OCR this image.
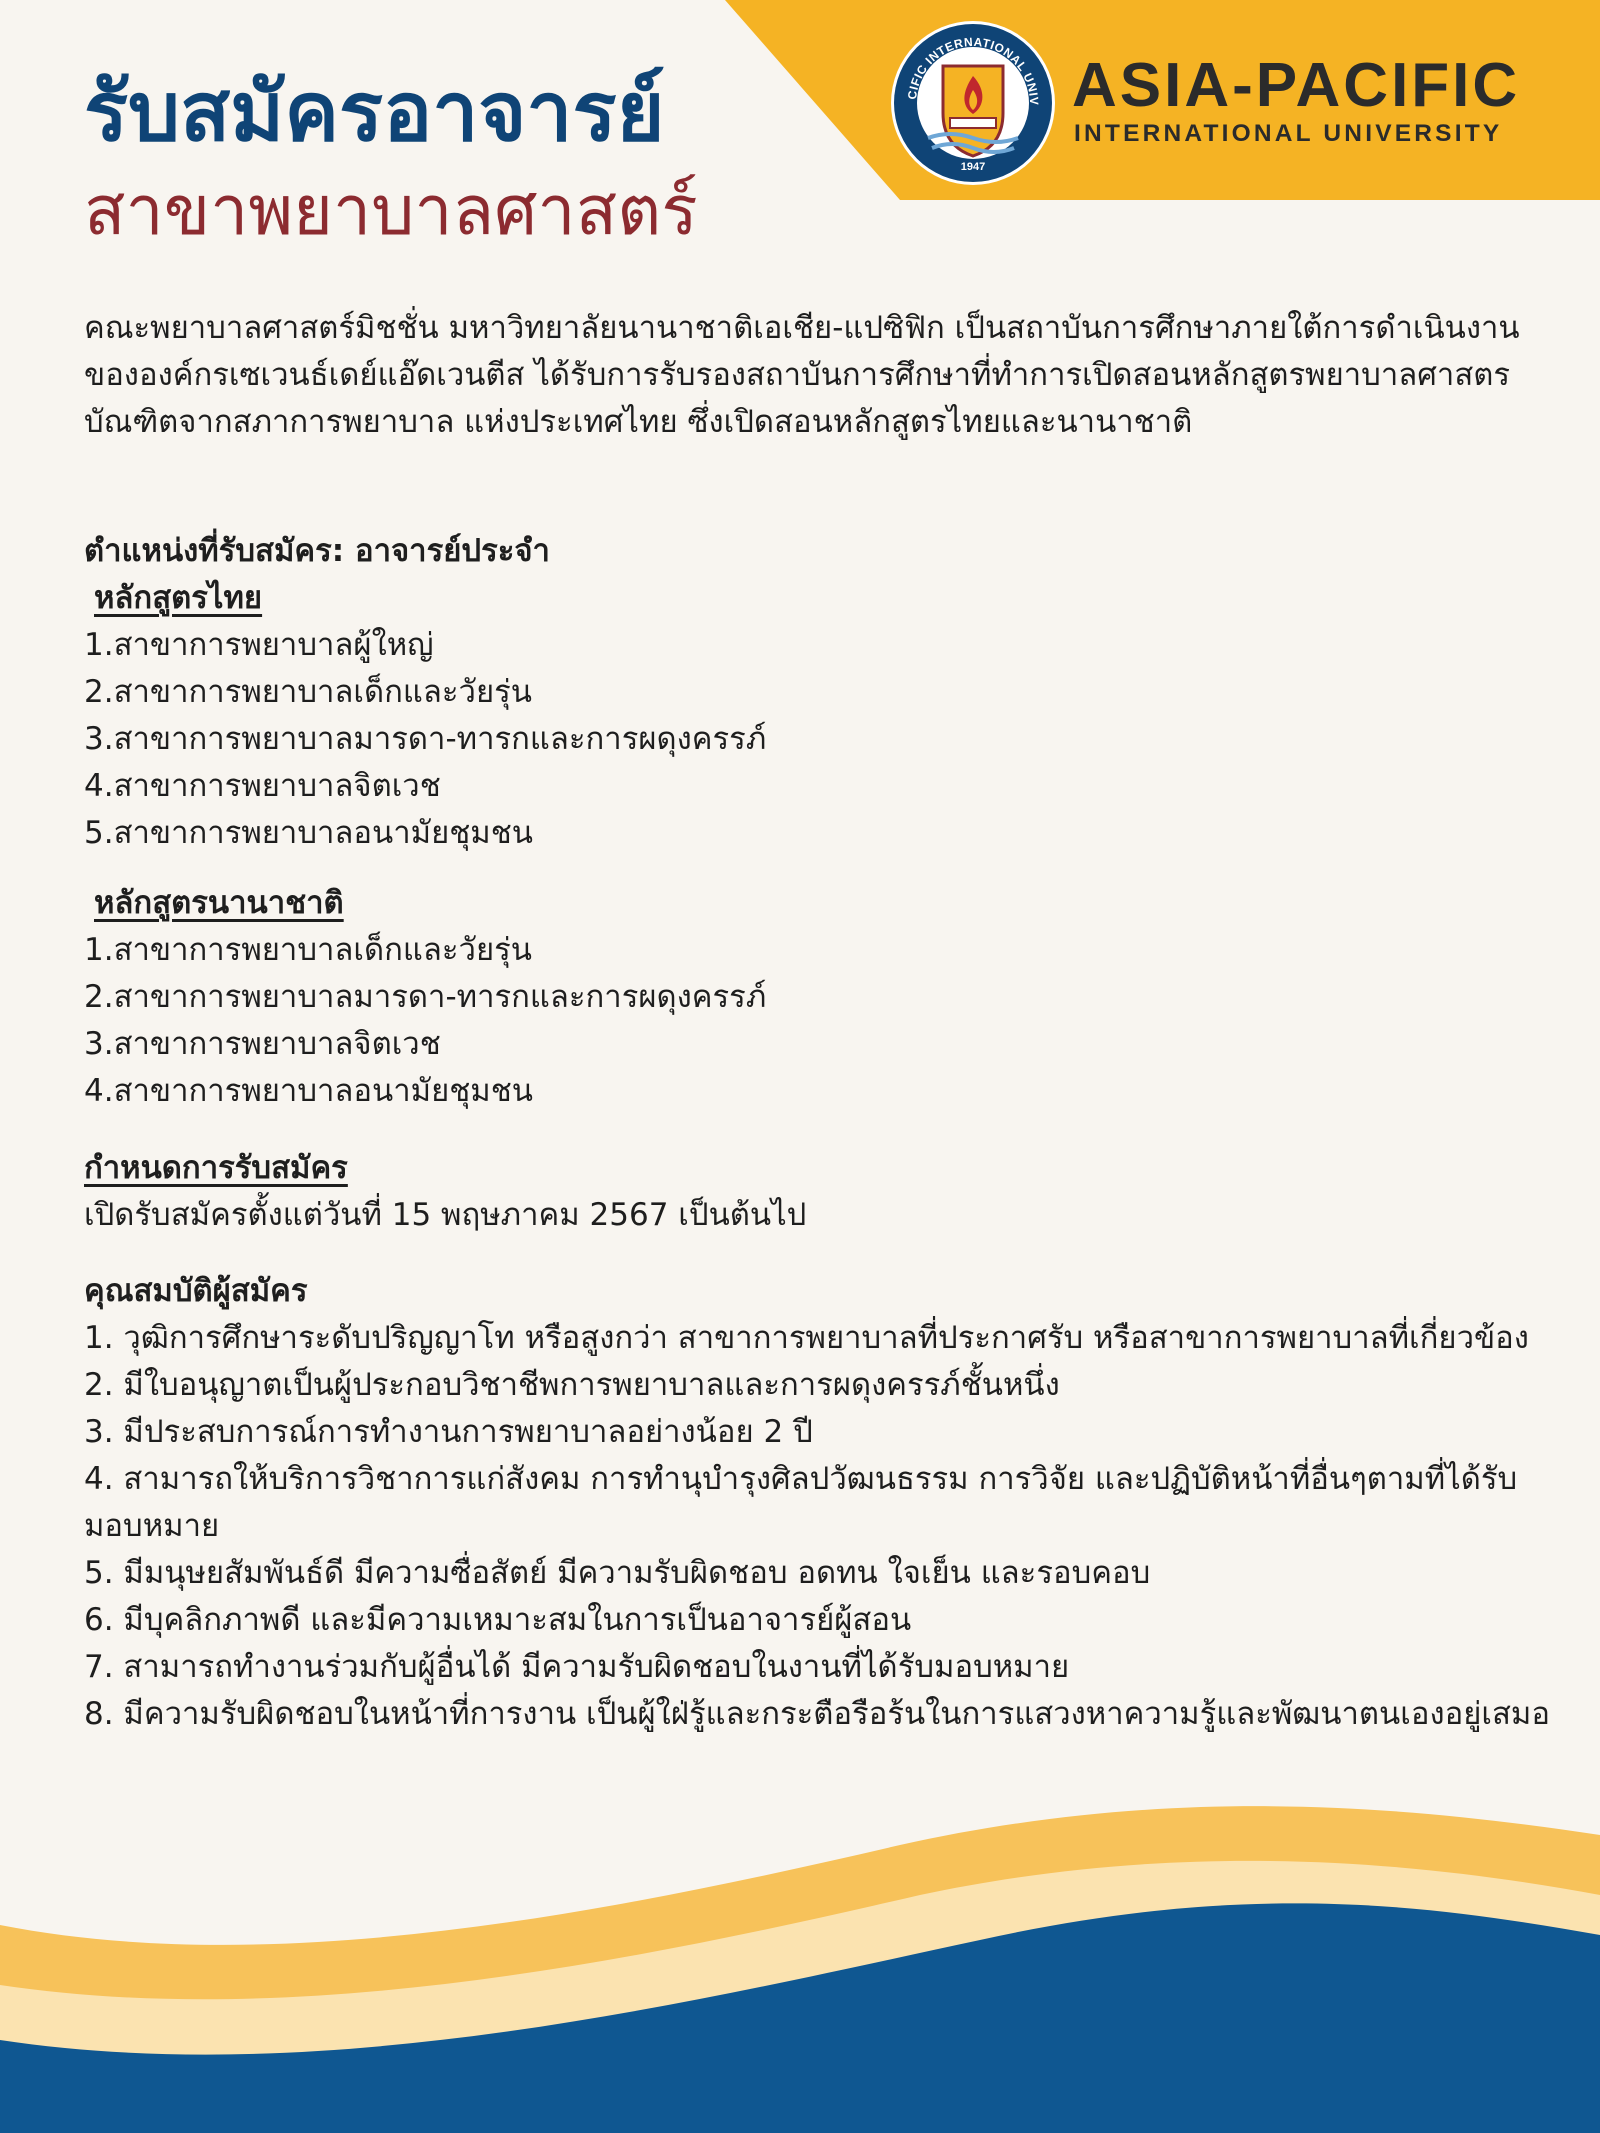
CIFIC INTERNATIONAL UNIV
1947
ASIA-PACIFIC
INTERNATIONAL UNIVERSITY
รับสมัครอาจารย์
สาขาพยาบาลศาสตร์
คณะพยาบาลศาสตร์มิชชั่น มหาวิทยาลัยนานาชาติเอเชีย-แปซิฟิก เป็นสถาบันการศึกษาภายใต้การดำเนินงานขององค์กรเซเวนธ์เดย์แอ๊ดเวนตีส ได้รับการรับรองสถาบันการศึกษาที่ทำการเปิดสอนหลักสูตรพยาบาลศาสตรบัณฑิตจากสภาการพยาบาล แห่งประเทศไทย ซึ่งเปิดสอนหลักสูตรไทยและนานาชาติ
ตำแหน่งที่รับสมัคร: อาจารย์ประจำ
หลักสูตรไทย
1.สาขาการพยาบาลผู้ใหญ่
2.สาขาการพยาบาลเด็กและวัยรุ่น
3.สาขาการพยาบาลมารดา-ทารกและการผดุงครรภ์
4.สาขาการพยาบาลจิตเวช
5.สาขาการพยาบาลอนามัยชุมชน
หลักสูตรนานาชาติ
1.สาขาการพยาบาลเด็กและวัยรุ่น
2.สาขาการพยาบาลมารดา-ทารกและการผดุงครรภ์
3.สาขาการพยาบาลจิตเวช
4.สาขาการพยาบาลอนามัยชุมชน
กำหนดการรับสมัคร
เปิดรับสมัครตั้งแต่วันที่ 15 พฤษภาคม 2567 เป็นต้นไป
คุณสมบัติผู้สมัคร
1. วุฒิการศึกษาระดับปริญญาโท หรือสูงกว่า สาขาการพยาบาลที่ประกาศรับ หรือสาขาการพยาบาลที่เกี่ยวข้อง
2. มีใบอนุญาตเป็นผู้ประกอบวิชาชีพการพยาบาลและการผดุงครรภ์ชั้นหนึ่ง
3. มีประสบการณ์การทำงานการพยาบาลอย่างน้อย 2 ปี
4. สามารถให้บริการวิชาการแก่สังคม การทำนุบำรุงศิลปวัฒนธรรม การวิจัย และปฏิบัติหน้าที่อื่นๆตามที่ได้รับมอบหมาย
5. มีมนุษยสัมพันธ์ดี มีความซื่อสัตย์ มีความรับผิดชอบ อดทน ใจเย็น และรอบคอบ
6. มีบุคลิกภาพดี และมีความเหมาะสมในการเป็นอาจารย์ผู้สอน
7. สามารถทำงานร่วมกับผู้อื่นได้ มีความรับผิดชอบในงานที่ได้รับมอบหมาย
8. มีความรับผิดชอบในหน้าที่การงาน เป็นผู้ใฝ่รู้และกระตือรือร้นในการแสวงหาความรู้และพัฒนาตนเองอยู่เสมอ
